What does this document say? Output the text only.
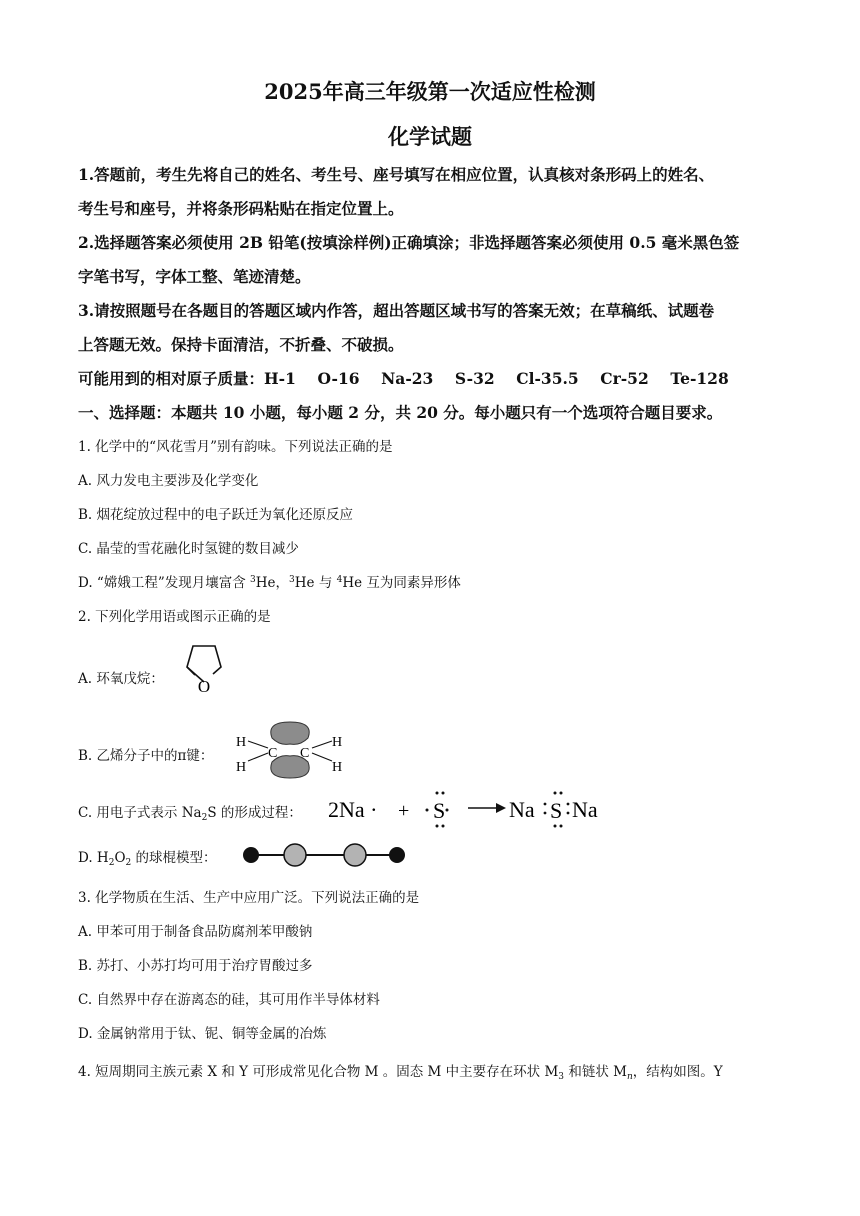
2025年高三年级第一次适应性检测
化学试题
1.答题前，考生先将自己的姓名、考生号、座号填写在相应位置，认真核对条形码上的姓名、
考生号和座号，并将条形码粘贴在指定位置上。
2.选择题答案必须使用 2B 铅笔(按填涂样例)正确填涂；非选择题答案必须使用 0.5 毫米黑色签
字笔书写，字体工整、笔迹清楚。
3.请按照题号在各题目的答题区域内作答，超出答题区域书写的答案无效；在草稿纸、试题卷
上答题无效。保持卡面清洁，不折叠、不破损。
可能用到的相对原子质量：H-1    O-16    Na-23    S-32    Cl-35.5    Cr-52    Te-128
一、选择题：本题共 10 小题，每小题 2 分，共 20 分。每小题只有一个选项符合题目要求。
1. 化学中的“风花雪月”别有韵味。下列说法正确的是
A. 风力发电主要涉及化学变化
B. 烟花绽放过程中的电子跃迁为氧化还原反应
C. 晶莹的雪花融化时氢键的数目减少
D. “嫦娥工程”发现月壤富含 $^3$He，$^3$He 与 $^4$He 互为同素异形体
2. 下列化学用语或图示正确的是
A. 环氧戊烷： O
B. 乙烯分子中的π键：
H
H
C C
H
H
C. 用电子式表示 $Na_2S$ 的形成过程： 2Na · + S	Na S Na
D. $H_2O_2$ 的球棍模型：
3. 化学物质在生活、生产中应用广泛。下列说法正确的是
A. 甲苯可用于制备食品防腐剂苯甲酸钠
B. 苏打、小苏打均可用于治疗胃酸过多
C. 自然界中存在游离态的硅，其可用作半导体材料
D. 金属钠常用于钛、铌、铜等金属的冶炼
4. 短周期同主族元素 X 和 Y 可形成常见化合物 M 。固态 M 中主要存在环状 $M_3$ 和链状 $M_n$，结构如图。Y
